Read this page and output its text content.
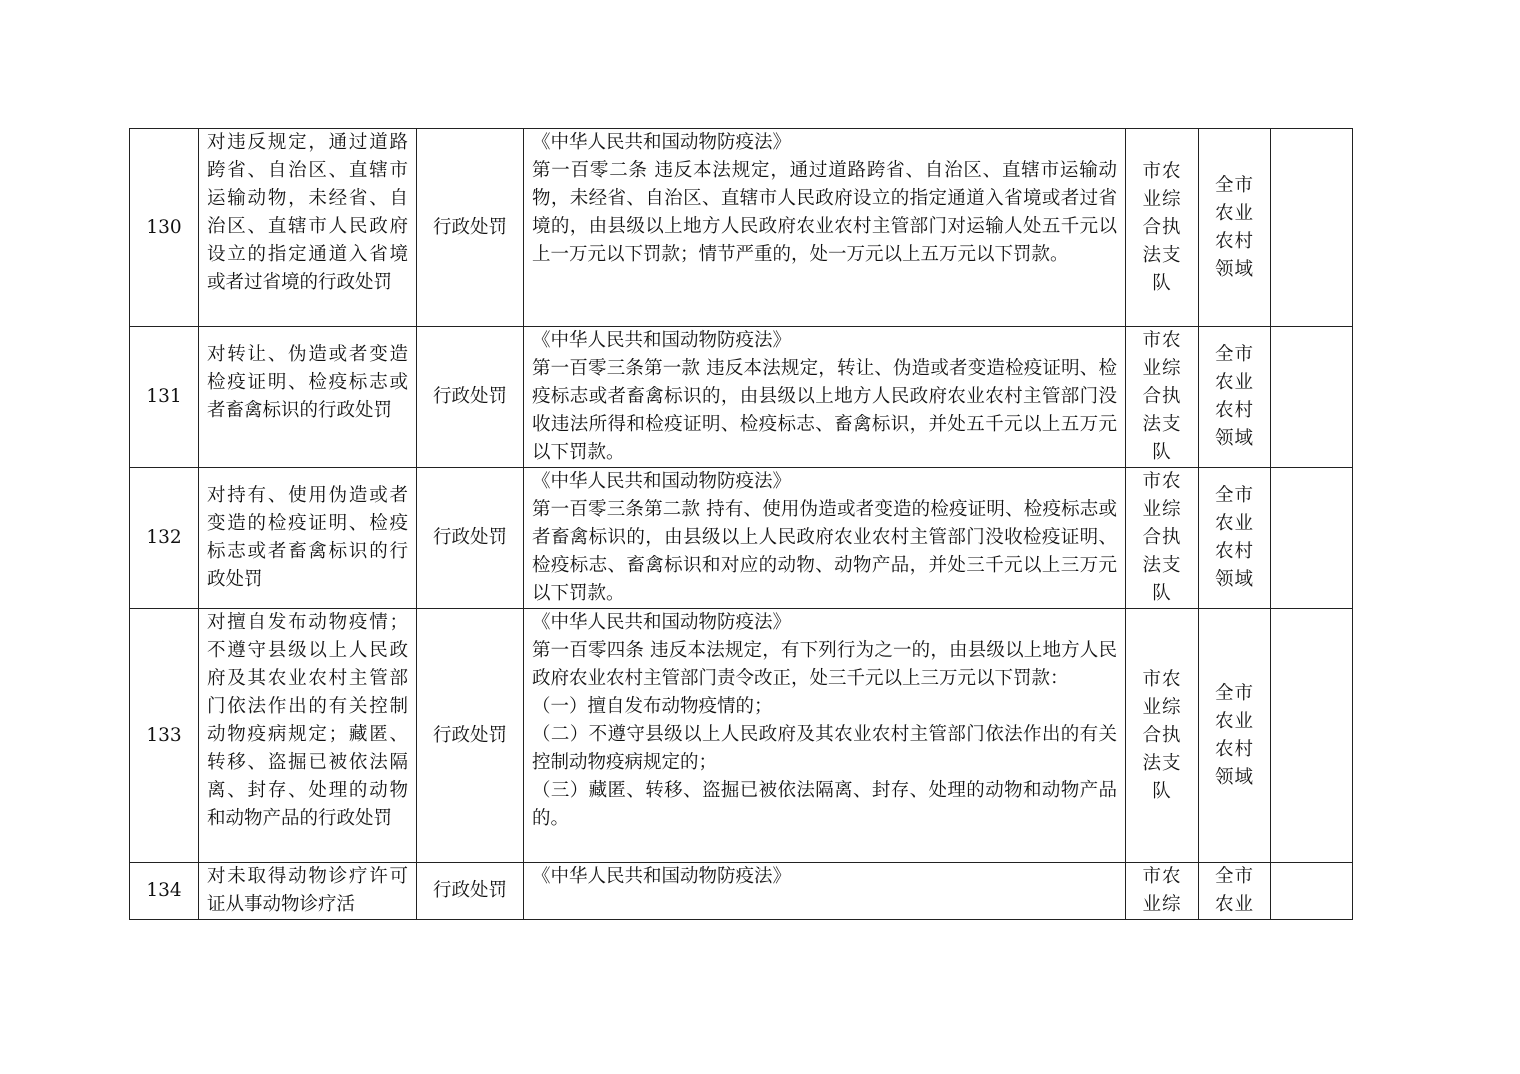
130	对违反规定，通过道路跨省、自治区、直辖市运输动物，未经省、自治区、直辖市人民政府设立的指定通道入省境或者过省境的行政处罚	行政处罚	《中华人民共和国动物防疫法》
第一百零二条 违反本法规定，通过道路跨省、自治区、直辖市运输动物，未经省、自治区、直辖市人民政府设立的指定通道入省境或者过省境的，由县级以上地方人民政府农业农村主管部门对运输人处五千元以上一万元以下罚款；情节严重的，处一万元以上五万元以下罚款。	市农业综合执法支队	全市农业农村领域	

131	对转让、伪造或者变造检疫证明、检疫标志或者畜禽标识的行政处罚	行政处罚	《中华人民共和国动物防疫法》
第一百零三条第一款 违反本法规定，转让、伪造或者变造检疫证明、检疫标志或者畜禽标识的，由县级以上地方人民政府农业农村主管部门没收违法所得和检疫证明、检疫标志、畜禽标识，并处五千元以上五万元以下罚款。	市农业综合执法支队	全市农业农村领域	

132	对持有、使用伪造或者变造的检疫证明、检疫标志或者畜禽标识的行政处罚	行政处罚	《中华人民共和国动物防疫法》
第一百零三条第二款 持有、使用伪造或者变造的检疫证明、检疫标志或者畜禽标识的，由县级以上人民政府农业农村主管部门没收检疫证明、检疫标志、畜禽标识和对应的动物、动物产品，并处三千元以上三万元以下罚款。	市农业综合执法支队	全市农业农村领域	

133	对擅自发布动物疫情；不遵守县级以上人民政府及其农业农村主管部门依法作出的有关控制动物疫病规定；藏匿、转移、盗掘已被依法隔离、封存、处理的动物和动物产品的行政处罚	行政处罚	《中华人民共和国动物防疫法》
第一百零四条 违反本法规定，有下列行为之一的，由县级以上地方人民政府农业农村主管部门责令改正，处三千元以上三万元以下罚款：
（一）擅自发布动物疫情的；
（二）不遵守县级以上人民政府及其农业农村主管部门依法作出的有关控制动物疫病规定的；
（三）藏匿、转移、盗掘已被依法隔离、封存、处理的动物和动物产品的。	市农业综合执法支队	全市农业农村领域	

134	对未取得动物诊疗许可证从事动物诊疗活	行政处罚	《中华人民共和国动物防疫法》	市农业综	全市农业	
